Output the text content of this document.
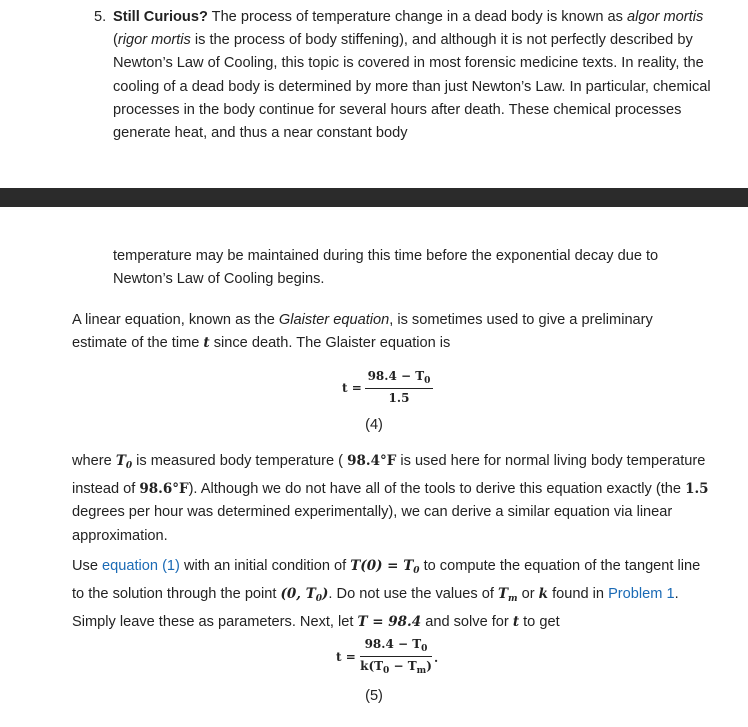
5. Still Curious? The process of temperature change in a dead body is known as algor mortis (rigor mortis is the process of body stiffening), and although it is not perfectly described by Newton’s Law of Cooling, this topic is covered in most forensic medicine texts. In reality, the cooling of a dead body is determined by more than just Newton’s Law. In particular, chemical processes in the body continue for several hours after death. These chemical processes generate heat, and thus a near constant body
temperature may be maintained during this time before the exponential decay due to Newton’s Law of Cooling begins.
A linear equation, known as the Glaister equation, is sometimes used to give a preliminary estimate of the time t since death. The Glaister equation is
$t = \frac{98.4 - T_0}{1.5}$
(4)
where $T_0$ is measured body temperature ( 98.4°F is used here for normal living body temperature instead of 98.6°F). Although we do not have all of the tools to derive this equation exactly (the 1.5 degrees per hour was determined experimentally), we can derive a similar equation via linear approximation.
Use equation (1) with an initial condition of $T(0) = T_0$ to compute the equation of the tangent line to the solution through the point (0, $T_0$). Do not use the values of $T_m$ or k found in Problem 1. Simply leave these as parameters. Next, let T = 98.4 and solve for t to get
$t = \frac{98.4 - T_0}{k(T_0 - T_m)}$ .
(5)
